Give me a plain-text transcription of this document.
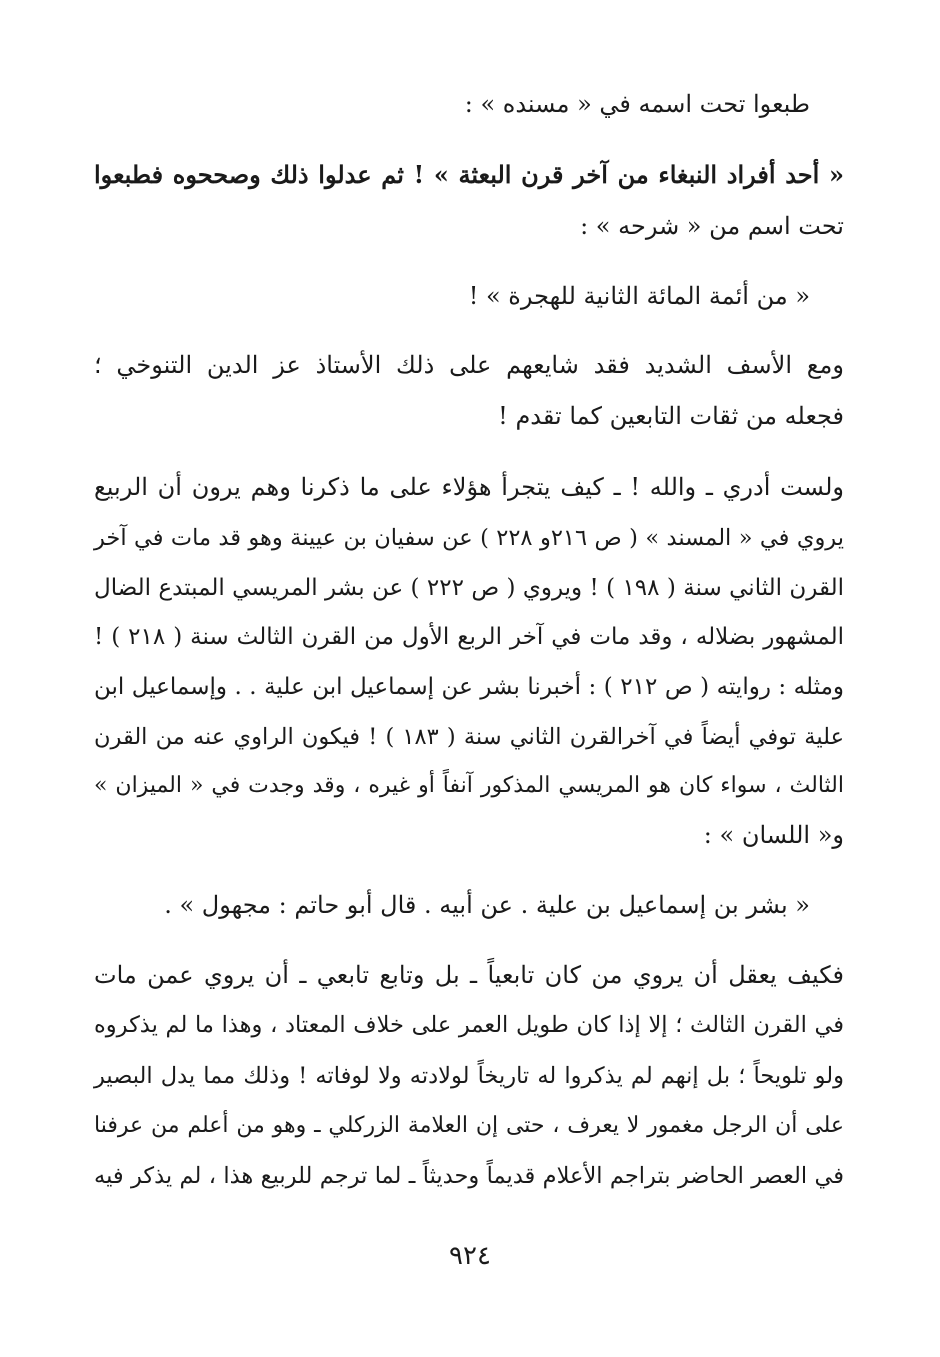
طبعوا تحت اسمه في « مسنده » :
« أحد أفراد النبغاء من آخر قرن البعثة » ! ثم عدلوا ذلك وصححوه فطبعوا
تحت اسم من « شرحه » :
« من أئمة المائة الثانية للهجرة » !
ومع الأسف الشديد فقد شايعهم على ذلك الأستاذ عز الدين التنوخي ؛
فجعله من ثقات التابعين كما تقدم !
ولست أدري ـ والله ! ـ كيف يتجرأ هؤلاء على ما ذكرنا وهم يرون أن الربيع
يروي في « المسند » ( ص ٢١٦و ٢٢٨ ) عن سفيان بن عيينة وهو قد مات في آخر
القرن الثاني سنة ( ١٩٨ ) ! ويروي ( ص ٢٢٢ ) عن بشر المريسي المبتدع الضال
المشهور بضلاله ، وقد مات في آخر الربع الأول من القرن الثالث سنة ( ٢١٨ ) !
ومثله : روايته ( ص ٢١٢ ) : أخبرنا بشر عن إسماعيل ابن علية . . وإسماعيل ابن
علية توفي أيضاً في آخرالقرن الثاني سنة ( ١٨٣ ) ! فيكون الراوي عنه من القرن
الثالث ، سواء كان هو المريسي المذكور آنفاً أو غيره ، وقد وجدت في « الميزان »
و« اللسان » :
« بشر بن إسماعيل بن علية . عن أبيه . قال أبو حاتم : مجهول » .
فكيف يعقل أن يروي من كان تابعياً ـ بل وتابع تابعي ـ أن يروي عمن مات
في القرن الثالث ؛ إلا إذا كان طويل العمر على خلاف المعتاد ، وهذا ما لم يذكروه
ولو تلويحاً ؛ بل إنهم لم يذكروا له تاريخاً لولادته ولا لوفاته ! وذلك مما يدل البصير
على أن الرجل مغمور لا يعرف ، حتى إن العلامة الزركلي ـ وهو من أعلم من عرفنا
في العصر الحاضر بتراجم الأعلام قديماً وحديثاً ـ لما ترجم للربيع هذا ، لم يذكر فيه
٩٢٤
